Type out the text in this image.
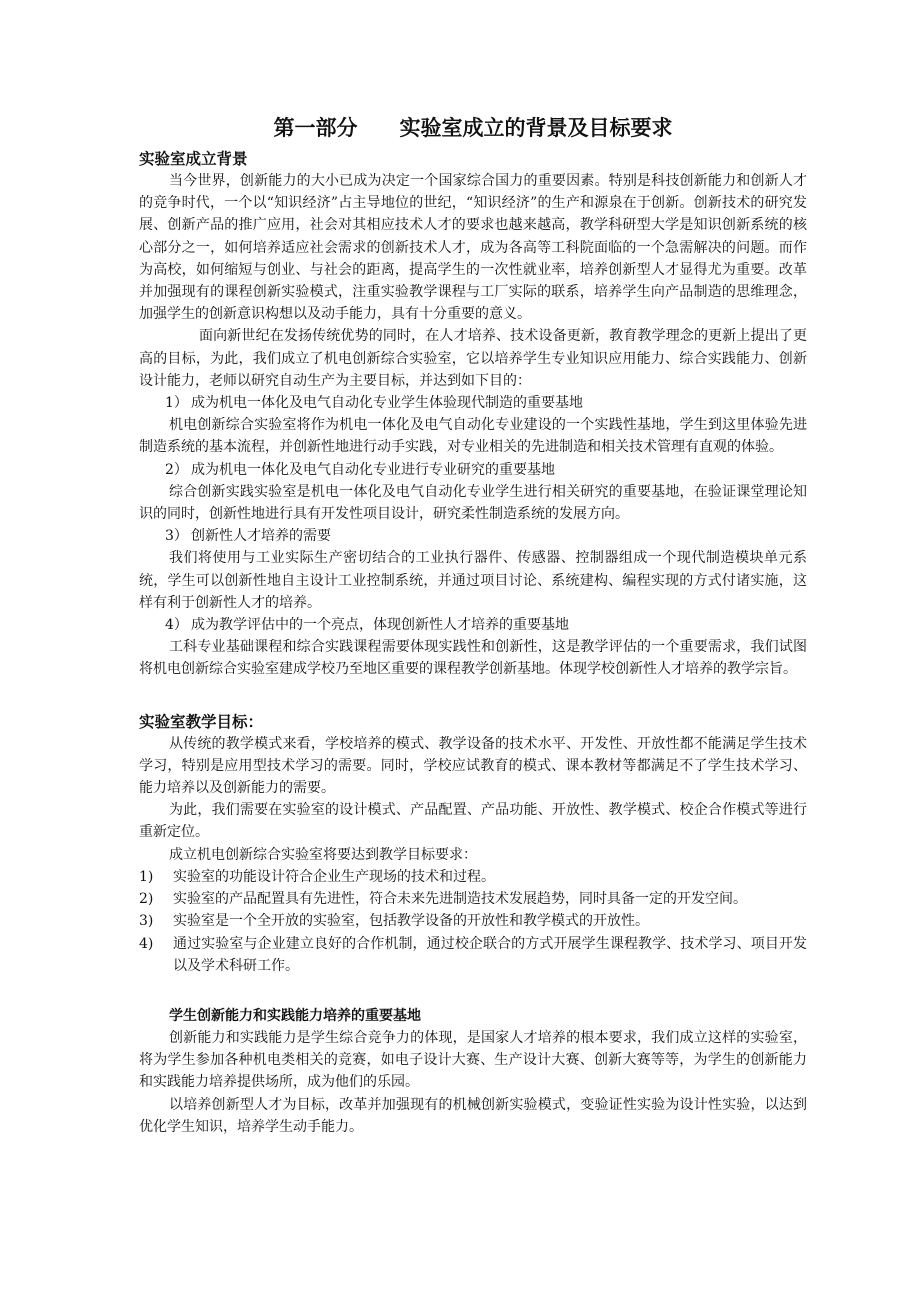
第一部分　　实验室成立的背景及目标要求
实验室成立背景

当今世界，创新能力的大小已成为决定一个国家综合国力的重要因素。特别是科技创新能力和创新人才的竞争时代，一个以“知识经济”占主导地位的世纪，“知识经济”的生产和源泉在于创新。创新技术的研究发展、创新产品的推广应用，社会对其相应技术人才的要求也越来越高，教学科研型大学是知识创新系统的核心部分之一，如何培养适应社会需求的创新技术人才，成为各高等工科院面临的一个急需解决的问题。而作为高校，如何缩短与创业、与社会的距离，提高学生的一次性就业率，培养创新型人才显得尤为重要。改革并加强现有的课程创新实验模式，注重实验教学课程与工厂实际的联系，培养学生向产品制造的思维理念，加强学生的创新意识构想以及动手能力，具有十分重要的意义。

面向新世纪在发扬传统优势的同时，在人才培养、技术设备更新，教育教学理念的更新上提出了更高的目标，为此，我们成立了机电创新综合实验室，它以培养学生专业知识应用能力、综合实践能力、创新设计能力，老师以研究自动生产为主要目标，并达到如下目的：

1） 成为机电一体化及电气自动化专业学生体验现代制造的重要基地

机电创新综合实验室将作为机电一体化及电气自动化专业建设的一个实践性基地，学生到这里体验先进制造系统的基本流程，并创新性地进行动手实践，对专业相关的先进制造和相关技术管理有直观的体验。

2） 成为机电一体化及电气自动化专业进行专业研究的重要基地

综合创新实践实验室是机电一体化及电气自动化专业学生进行相关研究的重要基地，在验证课堂理论知识的同时，创新性地进行具有开发性项目设计，研究柔性制造系统的发展方向。

3） 创新性人才培养的需要

我们将使用与工业实际生产密切结合的工业执行器件、传感器、控制器组成一个现代制造模块单元系统，学生可以创新性地自主设计工业控制系统，并通过项目讨论、系统建构、编程实现的方式付诸实施，这样有利于创新性人才的培养。

4） 成为教学评估中的一个亮点，体现创新性人才培养的重要基地

工科专业基础课程和综合实践课程需要体现实践性和创新性，这是教学评估的一个重要需求，我们试图将机电创新综合实验室建成学校乃至地区重要的课程教学创新基地。体现学校创新性人才培养的教学宗旨。

实验室教学目标：

从传统的教学模式来看，学校培养的模式、教学设备的技术水平、开发性、开放性都不能满足学生技术学习，特别是应用型技术学习的需要。同时，学校应试教育的模式、课本教材等都满足不了学生技术学习、能力培养以及创新能力的需要。

为此，我们需要在实验室的设计模式、产品配置、产品功能、开放性、教学模式、校企合作模式等进行重新定位。

成立机电创新综合实验室将要达到教学目标要求：

1)	实验室的功能设计符合企业生产现场的技术和过程。
2)	实验室的产品配置具有先进性，符合未来先进制造技术发展趋势，同时具备一定的开发空间。
3)	实验室是一个全开放的实验室，包括教学设备的开放性和教学模式的开放性。
4)	通过实验室与企业建立良好的合作机制，通过校企联合的方式开展学生课程教学、技术学习、项目开发以及学术科研工作。
学生创新能力和实践能力培养的重要基地

创新能力和实践能力是学生综合竞争力的体现，是国家人才培养的根本要求，我们成立这样的实验室，将为学生参加各种机电类相关的竞赛，如电子设计大赛、生产设计大赛、创新大赛等等，为学生的创新能力和实践能力培养提供场所，成为他们的乐园。

以培养创新型人才为目标，改革并加强现有的机械创新实验模式，变验证性实验为设计性实验，以达到优化学生知识，培养学生动手能力。
